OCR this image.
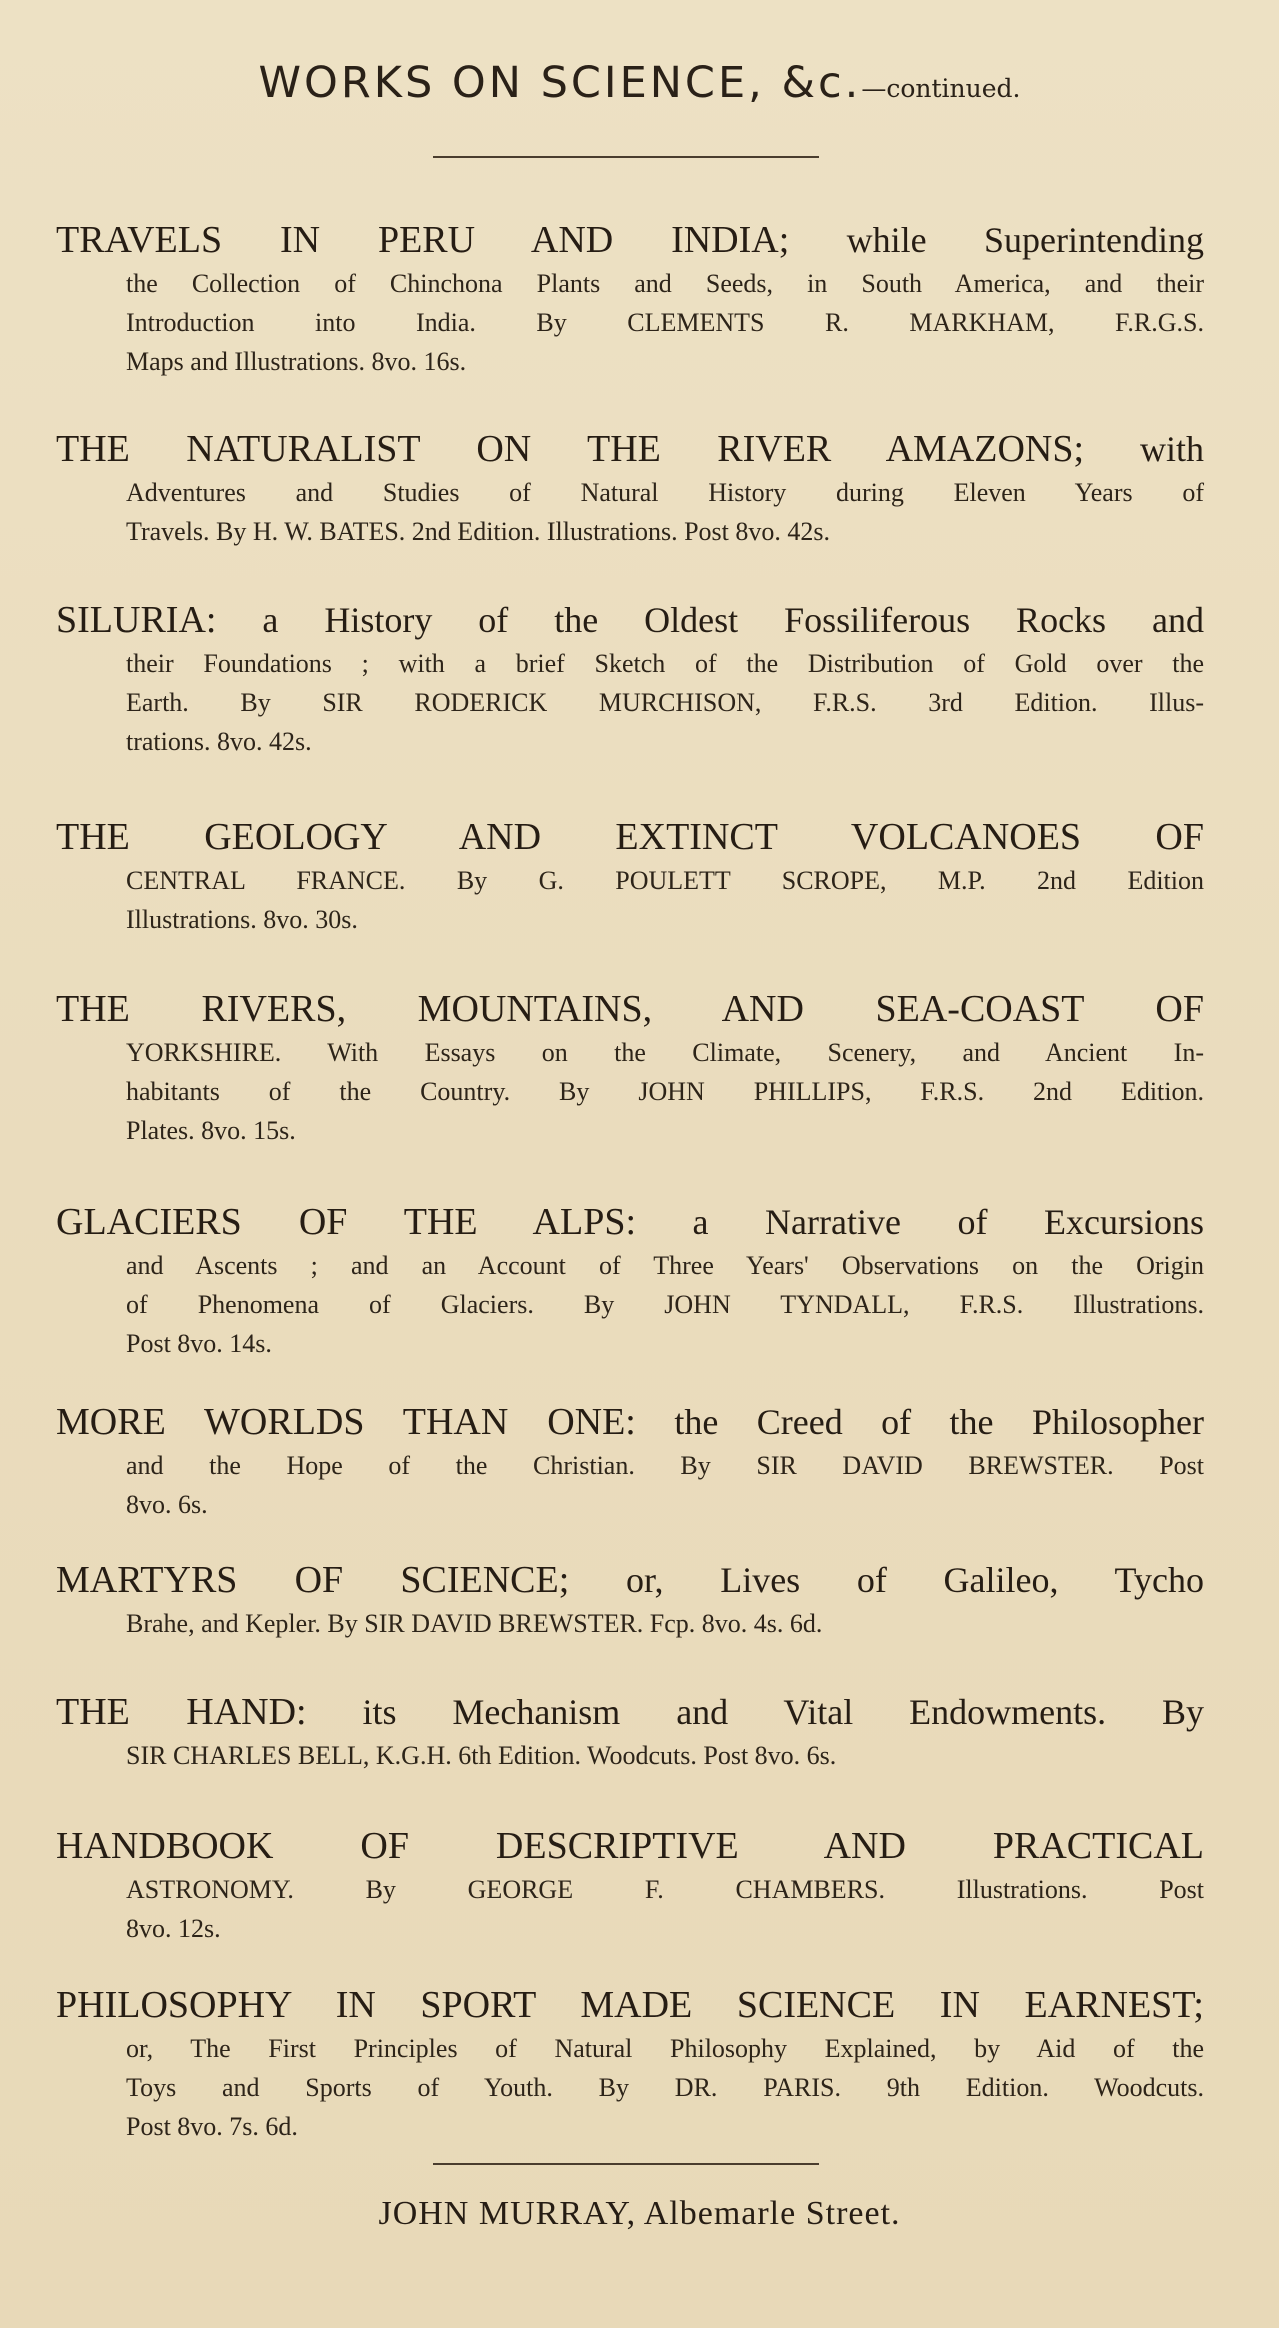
WORKS ON SCIENCE, &c.—continued.
TRAVELS IN PERU AND INDIA; while Superintending
the Collection of Chinchona Plants and Seeds, in South America, and their
Introduction into India. By CLEMENTS R. MARKHAM, F.R.G.S.
Maps and Illustrations. 8vo. 16s.
THE NATURALIST ON THE RIVER AMAZONS; with
Adventures and Studies of Natural History during Eleven Years of
Travels. By H. W. BATES. 2nd Edition. Illustrations. Post 8vo. 42s.
SILURIA: a History of the Oldest Fossiliferous Rocks and
their Foundations ; with a brief Sketch of the Distribution of Gold over the
Earth. By SIR RODERICK MURCHISON, F.R.S. 3rd Edition. Illus-
trations. 8vo. 42s.
THE GEOLOGY AND EXTINCT VOLCANOES OF
CENTRAL FRANCE. By G. POULETT SCROPE, M.P. 2nd Edition
Illustrations. 8vo. 30s.
THE RIVERS, MOUNTAINS, AND SEA-COAST OF
YORKSHIRE. With Essays on the Climate, Scenery, and Ancient In-
habitants of the Country. By JOHN PHILLIPS, F.R.S. 2nd Edition.
Plates. 8vo. 15s.
GLACIERS OF THE ALPS: a Narrative of Excursions
and Ascents ; and an Account of Three Years' Observations on the Origin
of Phenomena of Glaciers. By JOHN TYNDALL, F.R.S. Illustrations.
Post 8vo. 14s.
MORE WORLDS THAN ONE: the Creed of the Philosopher
and the Hope of the Christian. By SIR DAVID BREWSTER. Post
8vo. 6s.
MARTYRS OF SCIENCE; or, Lives of Galileo, Tycho
Brahe, and Kepler. By SIR DAVID BREWSTER. Fcp. 8vo. 4s. 6d.
THE HAND: its Mechanism and Vital Endowments. By
SIR CHARLES BELL, K.G.H. 6th Edition. Woodcuts. Post 8vo. 6s.
HANDBOOK OF DESCRIPTIVE AND PRACTICAL
ASTRONOMY. By GEORGE F. CHAMBERS. Illustrations. Post
8vo. 12s.
PHILOSOPHY IN SPORT MADE SCIENCE IN EARNEST;
or, The First Principles of Natural Philosophy Explained, by Aid of the
Toys and Sports of Youth. By DR. PARIS. 9th Edition. Woodcuts.
Post 8vo. 7s. 6d.
JOHN MURRAY, Albemarle Street.
